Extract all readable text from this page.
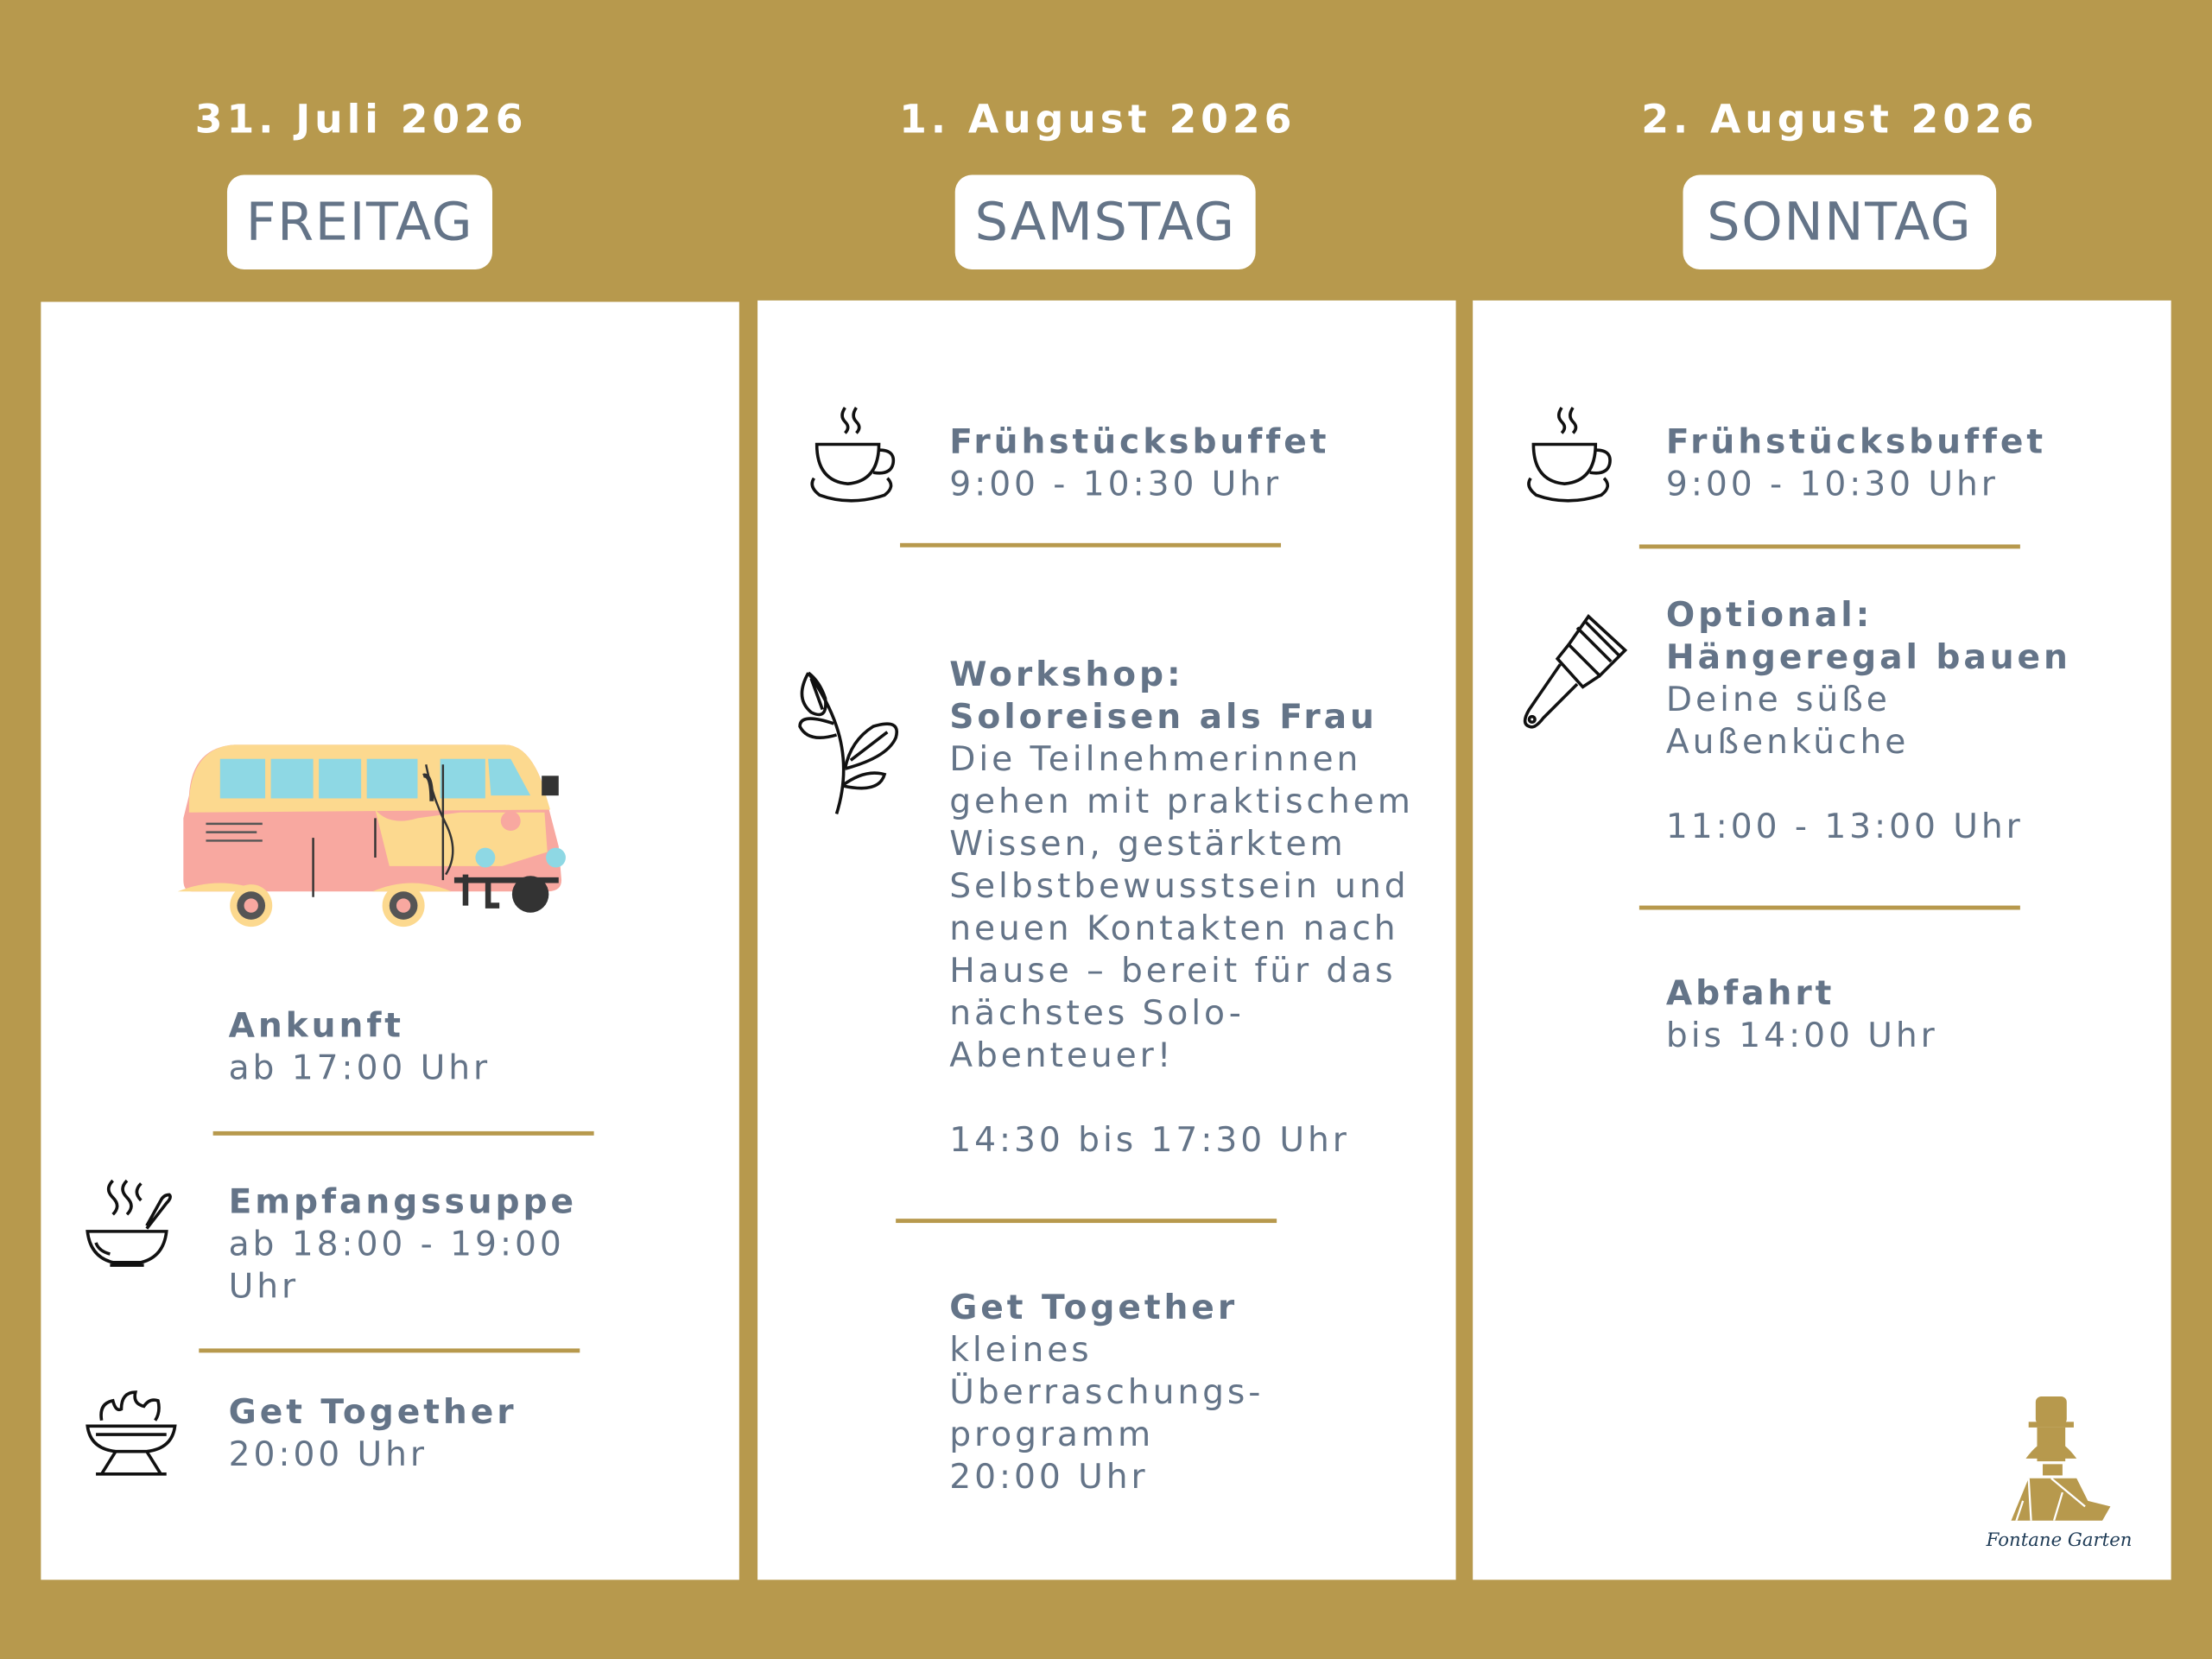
31. Juli 2026	1. August 2026	2. August 2026
FREITAG	SAMSTAG	SONNTAG
Ankunft
ab 17:00 Uhr
Empfangssuppe
ab 18:00 - 19:00
Uhr
Get Together
20:00 Uhr
Frühstücksbuffet
9:00 - 10:30 Uhr
Workshop:
Soloreisen als Frau
Die Teilnehmerinnen
gehen mit praktischem
Wissen, gestärktem
Selbstbewusstsein und
neuen Kontakten nach
Hause – bereit für das
nächstes Solo-
Abenteuer!
14:30 bis 17:30 Uhr
Get Together
kleines
Überraschungs-
programm
20:00 Uhr
Frühstücksbuffet
9:00 - 10:30 Uhr
Optional:
Hängeregal bauen
Deine süße
Außenküche
11:00 - 13:00 Uhr
Abfahrt
bis 14:00 Uhr
Fontane Garten
